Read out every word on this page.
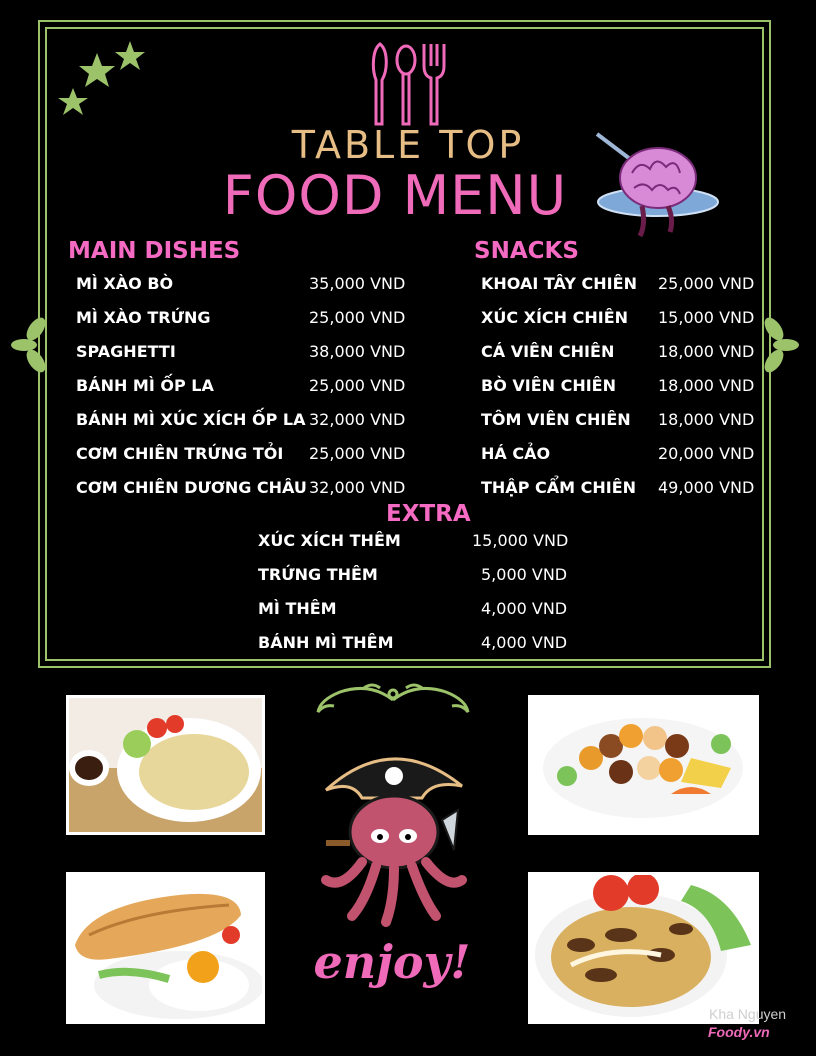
TABLE TOP
FOOD MENU
MAIN DISHES	SNACKS
EXTRA
MÌ XÀO BÒ	35,000 VND
MÌ XÀO TRỨNG	25,000 VND
SPAGHETTI	38,000 VND
BÁNH MÌ ỐP LA	25,000 VND
BÁNH MÌ XÚC XÍCH ỐP LA 32,000 VND
CƠM CHIÊN TRỨNG TỎI 25,000 VND
CƠM CHIÊN DƯƠNG CHÂU 32,000 VND
KHOAI TÂY CHIÊN 25,000 VND
XÚC XÍCH CHIÊN 15,000 VND
CÁ VIÊN CHIÊN	18,000 VND
BÒ VIÊN CHIÊN	18,000 VND
TÔM VIÊN CHIÊN 18,000 VND
HÁ CẢO	20,000 VND
THẬP CẨM CHIÊN 49,000 VND
XÚC XÍCH THÊM	15,000 VND
TRỨNG THÊM	5,000 VND
MÌ THÊM	4,000 VND
BÁNH MÌ THÊM	4,000 VND
enjoy!
Kha Nguyen
Foody.vn
